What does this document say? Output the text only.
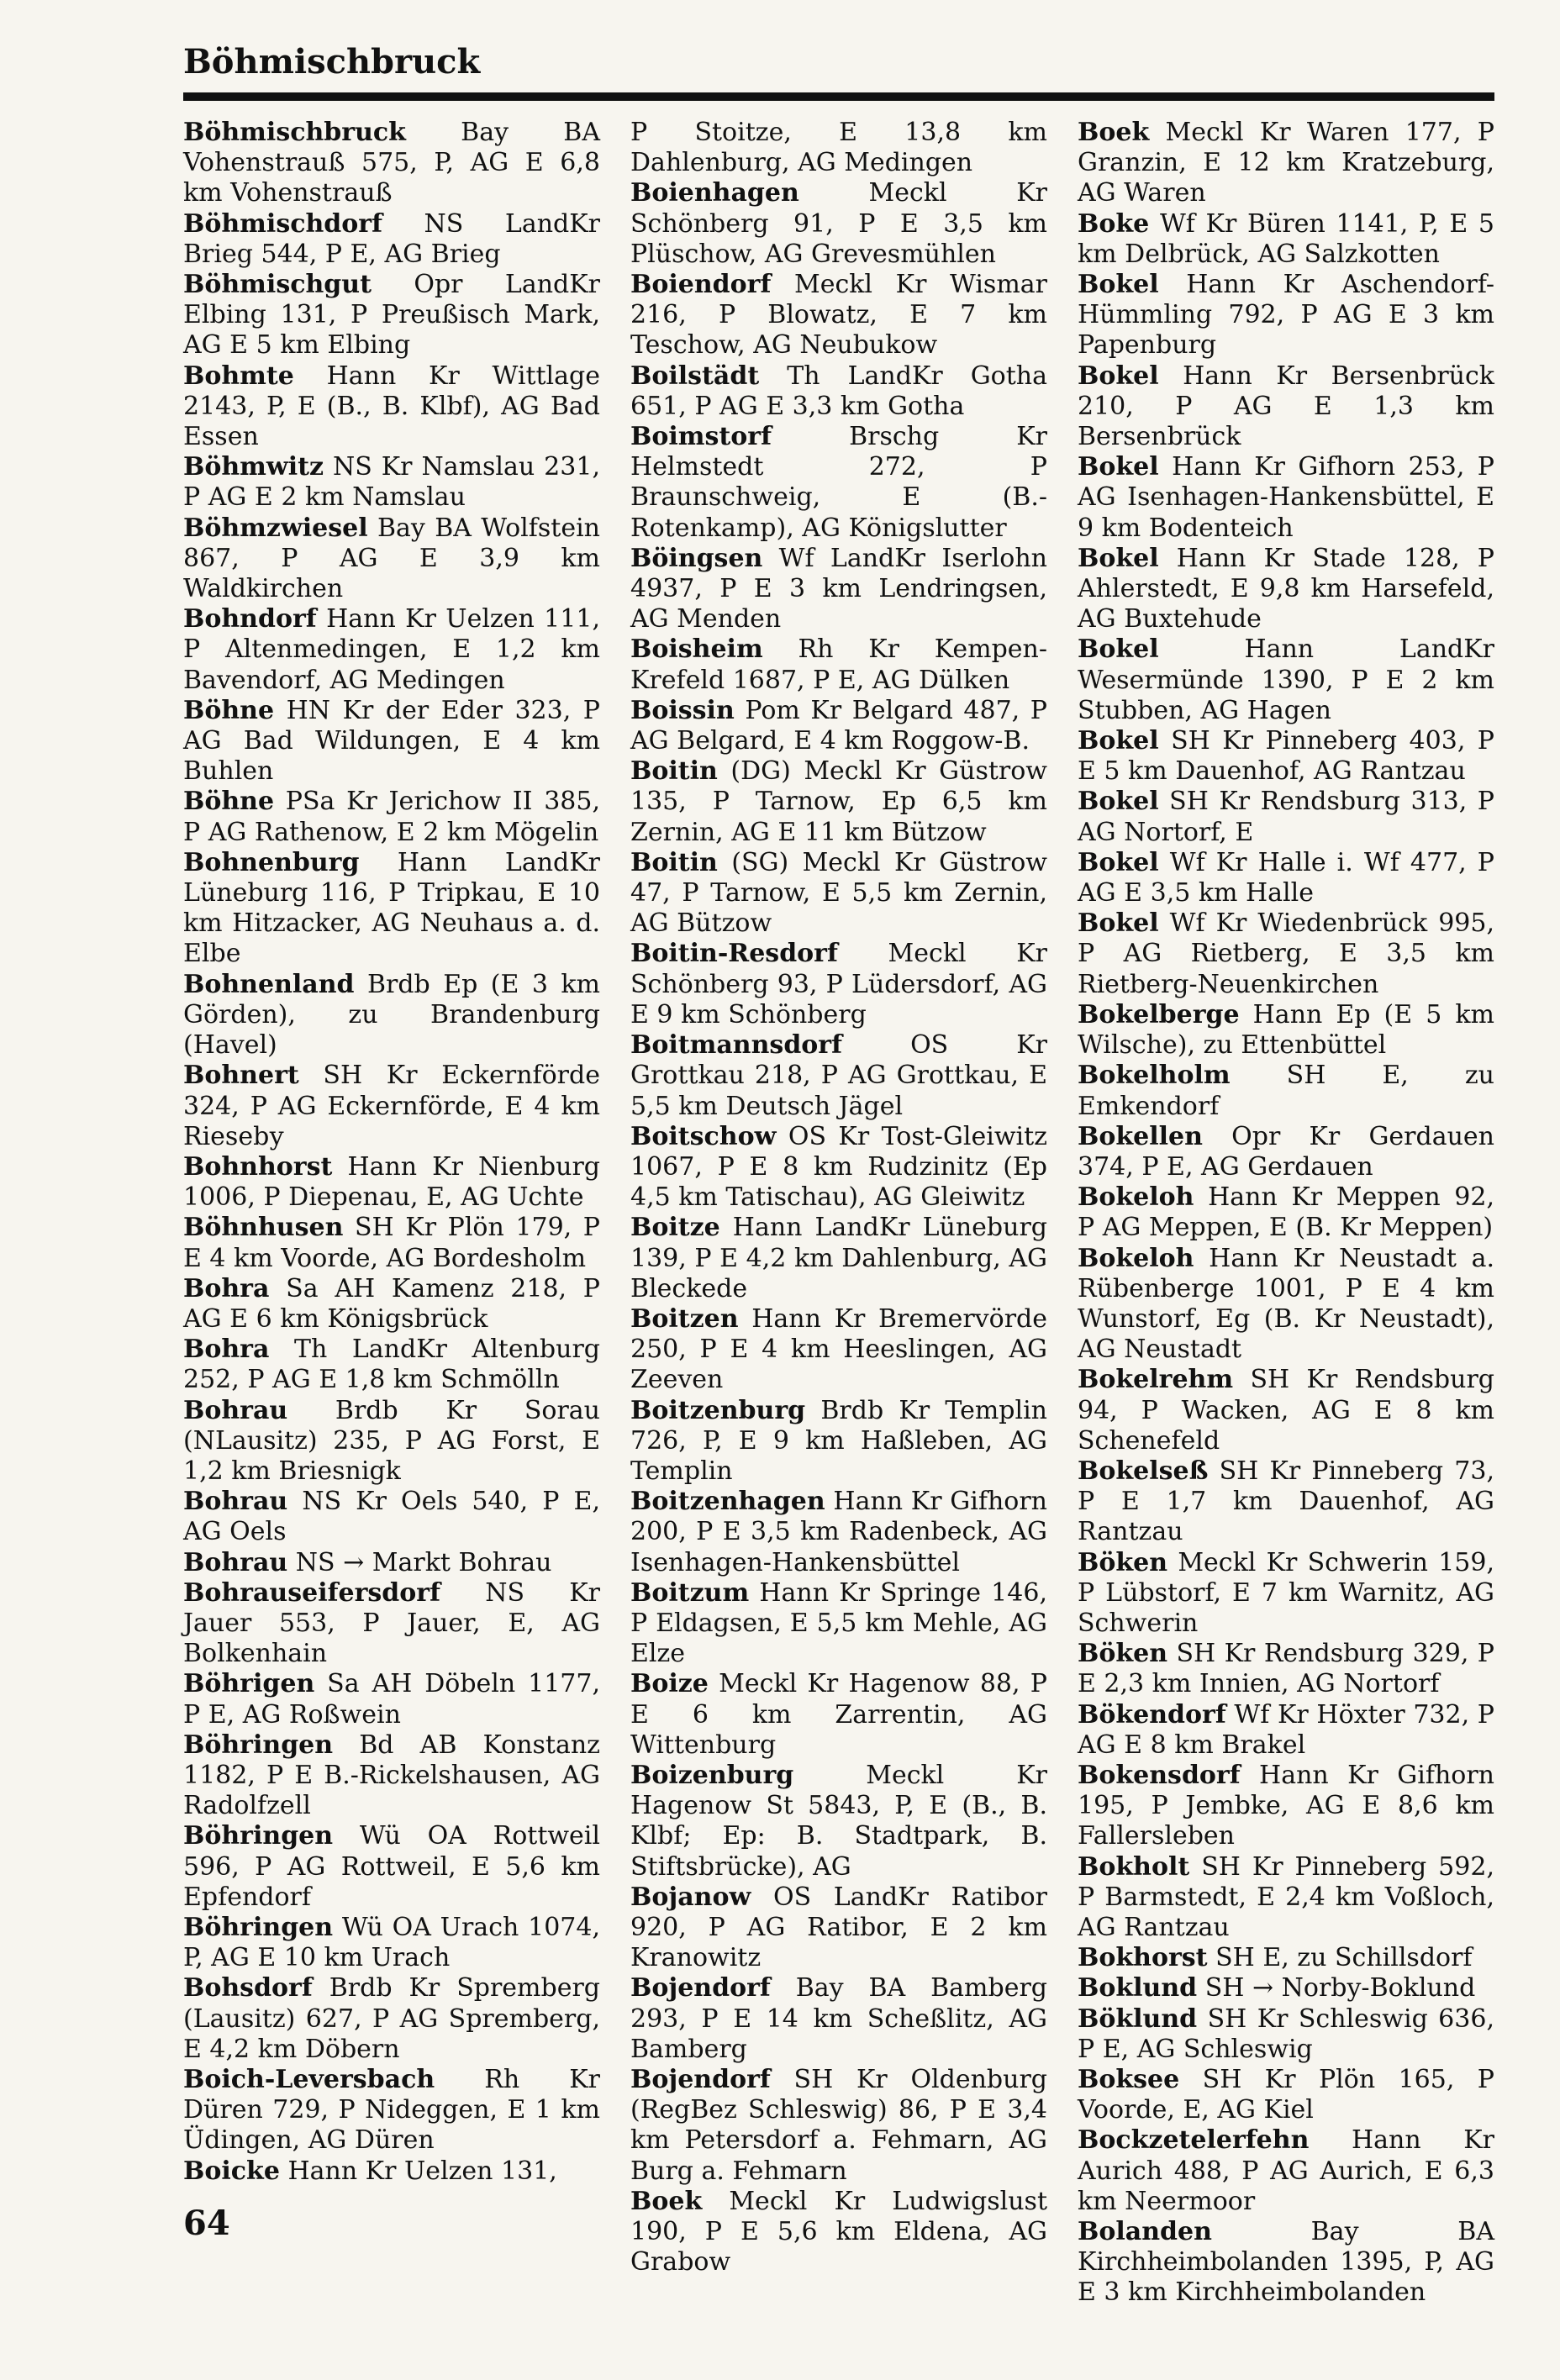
Böhmischbruck

Böhmischbruck Bay BA Vohenstrauß 575, P, AG E 6,8 km Vohenstrauß

Böhmischdorf NS LandKr Brieg 544, P E, AG Brieg

Böhmischgut Opr LandKr Elbing 131, P Preußisch Mark, AG E 5 km Elbing

Bohmte Hann Kr Wittlage 2143, P, E (B., B. Klbf), AG Bad Essen

Böhmwitz NS Kr Namslau 231, P AG E 2 km Namslau

Böhmzwiesel Bay BA Wolfstein 867, P AG E 3,9 km Waldkirchen

Bohndorf Hann Kr Uelzen 111, P Altenmedingen, E 1,2 km Bavendorf, AG Medingen

Böhne HN Kr der Eder 323, P AG Bad Wildungen, E 4 km Buhlen

Böhne PSa Kr Jerichow II 385, P AG Rathenow, E 2 km Mögelin

Bohnenburg Hann LandKr Lüneburg 116, P Tripkau, E 10 km Hitzacker, AG Neuhaus a. d. Elbe

Bohnenland Brdb Ep (E 3 km Görden), zu Brandenburg (Havel)

Bohnert SH Kr Eckernförde 324, P AG Eckernförde, E 4 km Riesebу

Bohnhorst Hann Kr Nienburg 1006, P Diepenau, E, AG Uchte

Böhnhusen SH Kr Plön 179, P E 4 km Voorde, AG Bordesholm

Bohra Sa AH Kamenz 218, P AG E 6 km Königsbrück

Bohra Th LandKr Altenburg 252, P AG E 1,8 km Schmölln

Bohrau Brdb Kr Sorau (NLausitz) 235, P AG Forst, E 1,2 km Briesnigk

Bohrau NS Kr Oels 540, P E, AG Oels

Bohrau NS → Markt Bohrau

Bohrauseifersdorf NS Kr Jauer 553, P Jauer, E, AG Bolkenhain

Böhrigen Sa AH Döbeln 1177, P E, AG Roßwein

Böhringen Bd AB Konstanz 1182, P E B.-Rickelshausen, AG Radolfzell

Böhringen Wü OA Rottweil 596, P AG Rottweil, E 5,6 km Epfendorf

Böhringen Wü OA Urach 1074, P, AG E 10 km Urach

Bohsdorf Brdb Kr Spremberg (Lausitz) 627, P AG Spremberg, E 4,2 km Döbern

Boich-Leversbach Rh Kr Düren 729, P Nideggen, E 1 km Üdingen, AG Düren

Boicke Hann Kr Uelzen 131,

P Stoitze, E 13,8 km Dahlenburg, AG Medingen

Boienhagen	Meckl Kr Schönberg 91, P E 3,5 km Plüschow, AG Grevesmühlen

Boiendorf Meckl Kr Wismar 216, P Blowatz, E 7 km Teschow, AG Neubukow

Boilstädt Th LandKr Gotha 651, P AG E 3,3 km Gotha

Boimstorf	Brschg Kr Helmstedt 272, P Braunschweig, E (B.-Rotenkamp), AG Königslutter

Böingsen Wf LandKr Iserlohn 4937, P E 3 km Lendringsen, AG Menden

Boisheim Rh Kr Kempen-Krefeld 1687, P E, AG Dülken

Boissin Pom Kr Belgard 487, P AG Belgard, E 4 km Roggow-B.

Boitin (DG) Meckl Kr Güstrow 135, P Tarnow, Ep 6,5 km Zernin, AG E 11 km Bützow

Boitin (SG) Meckl Kr Güstrow 47, P Tarnow, E 5,5 km Zernin, AG Bützow

Boitin-Resdorf Meckl Kr Schönberg 93, P Lüdersdorf, AG E 9 km Schönberg

Boitmannsdorf	OS Kr Grottkau 218, P AG Grottkau, E 5,5 km Deutsch Jägel

Boitschow OS Kr Tost-Gleiwitz 1067, P E 8 km Rudzinitz (Ep 4,5 km Tatischau), AG Gleiwitz

Boitze Hann LandKr Lüneburg 139, P E 4,2 km Dahlenburg, AG Bleckede

Boitzen Hann Kr Bremervörde 250, P E 4 km Heeslingen, AG Zeeven

Boitzenburg Brdb Kr Templin 726, P, E 9 km Haßleben, AG Templin

Boitzenhagen Hann Kr Gifhorn 200, P E 3,5 km Radenbeck, AG Isenhagen-Hankensbüttel

Boitzum Hann Kr Springe 146, P Eldagsen, E 5,5 km Mehle, AG Elze

Boize Meckl Kr Hagenow 88, P E 6 km Zarrentin, AG Wittenburg

Boizenburg	Meckl Kr Hagenow St 5843, P, E (B., B. Klbf; Ep: B. Stadtpark, B. Stiftsbrücke), AG

Bojanow OS LandKr Ratibor 920, P AG Ratibor, E 2 km Kranowitz

Bojendorf Bay BA Bamberg 293, P E 14 km Scheßlitz, AG Bamberg

Bojendorf SH Kr Oldenburg (RegBez Schleswig) 86, P E 3,4 km Petersdorf a. Fehmarn, AG Burg a. Fehmarn

Boek Meckl Kr Ludwigslust 190, P E 5,6 km Eldena, AG Grabow

Boek Meckl Kr Waren 177, P Granzin, E 12 km Kratzeburg, AG Waren

Boke Wf Kr Büren 1141, P, E 5 km Delbrück, AG Salzkotten

Bokel Hann Kr Aschendorf-Hümmling 792, P AG E 3 km Papenburg

Bokel Hann Kr Bersenbrück 210, P AG E 1,3 km Bersenbrück

Bokel Hann Kr Gifhorn 253, P AG Isenhagen-Hankensbüttel, E 9 km Bodenteich

Bokel Hann Kr Stade 128, P Ahlerstedt, E 9,8 km Harsefeld, AG Buxtehude

Bokel	Hann LandKr Wesermünde 1390, P E 2 km Stubben, AG Hagen

Bokel SH Kr Pinneberg 403, P E 5 km Dauenhof, AG Rantzau

Bokel SH Kr Rendsburg 313, P AG Nortorf, E

Bokel Wf Kr Halle i. Wf 477, P AG E 3,5 km Halle

Bokel Wf Kr Wiedenbrück 995, P AG Rietberg, E 3,5 km Rietberg-Neuenkirchen

Bokelberge Hann Ep (E 5 km Wilsche), zu Ettenbüttel

Bokelholm SH E, zu Emkendorf

Bokellen Opr Kr Gerdauen 374, P E, AG Gerdauen

Bokeloh Hann Kr Meppen 92, P AG Meppen, E (B. Kr Meppen)

Bokeloh Hann Kr Neustadt a. Rübenberge 1001, P E 4 km Wunstorf, Eg (B. Kr Neustadt), AG Neustadt

Bokelrehm SH Kr Rendsburg 94, P Wacken, AG E 8 km Schenefeld

Bokelseß SH Kr Pinneberg 73, P E 1,7 km Dauenhof, AG Rantzau

Böken Meckl Kr Schwerin 159, P Lübstorf, E 7 km Warnitz, AG Schwerin

Böken SH Kr Rendsburg 329, P E 2,3 km Innien, AG Nortorf

Bökendorf Wf Kr Höxter 732, P AG E 8 km Brakel

Bokensdorf Hann Kr Gifhorn 195, P Jembke, AG E 8,6 km Fallersleben

Bokholt SH Kr Pinneberg 592, P Barmstedt, E 2,4 km Voßloch, AG Rantzau

Bokhorst SH E, zu Schillsdorf

Boklund SH → Norby-Boklund

Böklund SH Kr Schleswig 636, P E, AG Schleswig

Boksee SH Kr Plön 165, P Voorde, E, AG Kiel

Bockzetelerfehn Hann Kr Aurich 488, P AG Aurich, E 6,3 km Neermoor

Bolanden	Bay BA Kirchheimbolanden 1395, P, AG E 3 km Kirchheimbolanden

64
